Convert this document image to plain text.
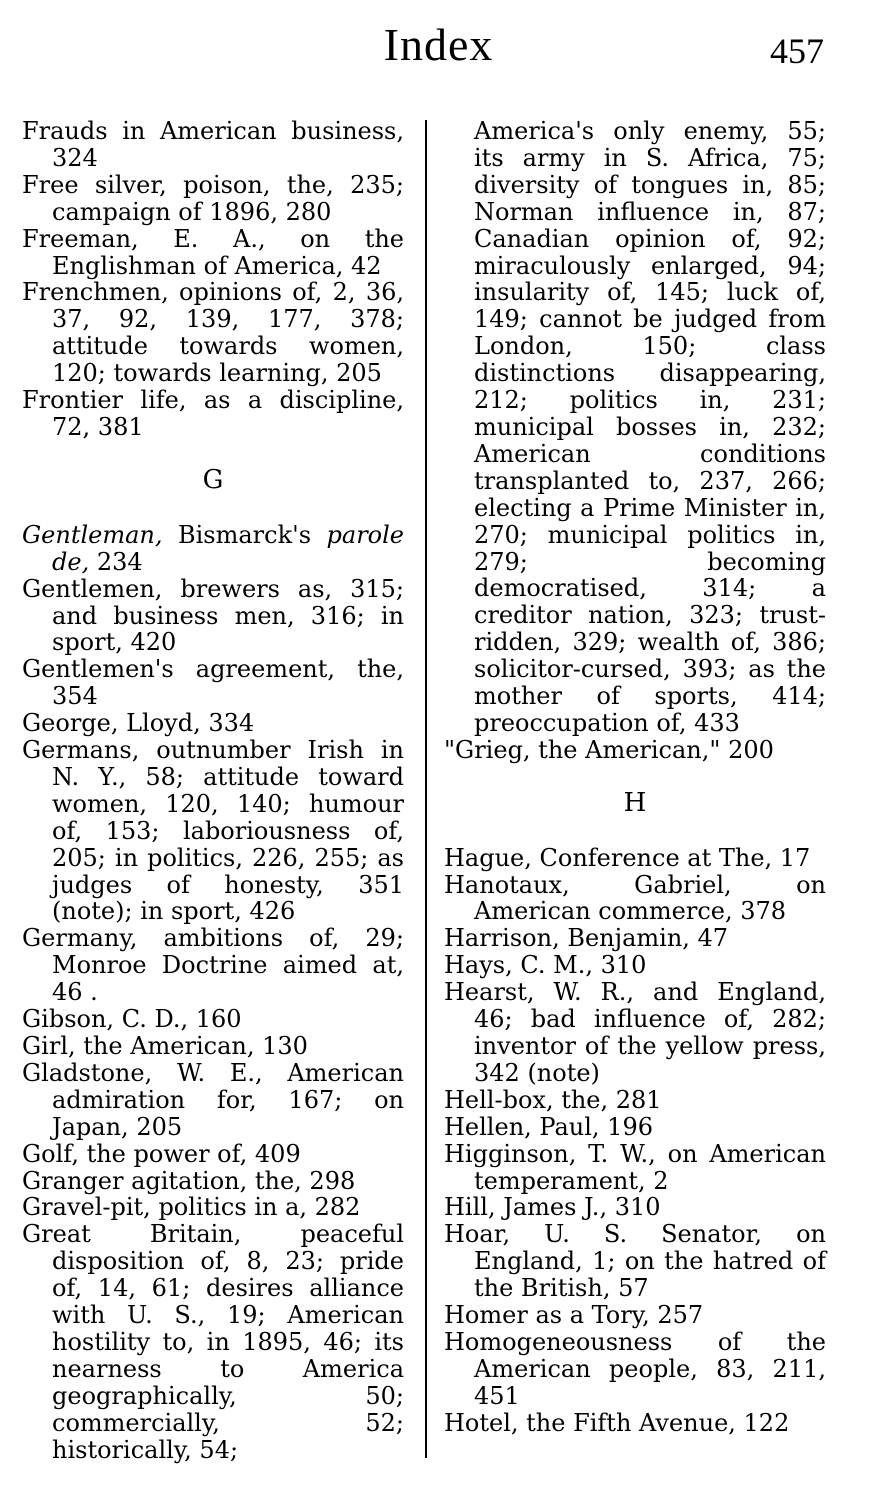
Index	457
Frauds in American business, 324
Free silver, poison, the, 235; campaign of 1896, 280
Freeman, E. A., on the Englishman of America, 42
Frenchmen, opinions of, 2, 36, 37, 92, 139, 177, 378; attitude towards women, 120; towards learning, 205
Frontier life, as a discipline, 72, 381
G
Gentleman, Bismarck's parole de, 234
Gentlemen, brewers as, 315; and business men, 316; in sport, 420
Gentlemen's agreement, the, 354
George, Lloyd, 334
Germans, outnumber Irish in N. Y., 58; attitude toward women, 120, 140; humour of, 153; laboriousness of, 205; in politics, 226, 255; as judges of honesty, 351 (note); in sport, 426
Germany, ambitions of, 29; Monroe Doctrine aimed at, 46 .
Gibson, C. D., 160
Girl, the American, 130
Gladstone, W. E., American admiration for, 167; on Japan, 205
Golf, the power of, 409
Granger agitation, the, 298
Gravel-pit, politics in a, 282
Great Britain, peaceful disposition of, 8, 23; pride of, 14, 61; desires alliance with U. S., 19; American hostility to, in 1895, 46; its nearness to America geographically, 50; commercially, 52; historically, 54;
America's only enemy, 55; its army in S. Africa, 75; diversity of tongues in, 85; Norman influence in, 87; Canadian opinion of, 92; miraculously enlarged, 94; insularity of, 145; luck of, 149; cannot be judged from London, 150; class distinctions disappearing, 212; politics in, 231; municipal bosses in, 232; American conditions transplanted to, 237, 266; electing a Prime Minister in, 270; municipal politics in, 279; becoming democratised, 314; a creditor nation, 323; trust-ridden, 329; wealth of, 386; solicitor-cursed, 393; as the mother of sports, 414; preoccupation of, 433
"Grieg, the American," 200
H
Hague, Conference at The, 17
Hanotaux, Gabriel, on American commerce, 378
Harrison, Benjamin, 47
Hays, C. M., 310
Hearst, W. R., and England, 46; bad influence of, 282; inventor of the yellow press, 342 (note)
Hell-box, the, 281
Hellen, Paul, 196
Higginson, T. W., on American temperament, 2
Hill, James J., 310
Hoar, U. S. Senator, on England, 1; on the hatred of the British, 57
Homer as a Tory, 257
Homogeneousness of the American people, 83, 211, 451
Hotel, the Fifth Avenue, 122
